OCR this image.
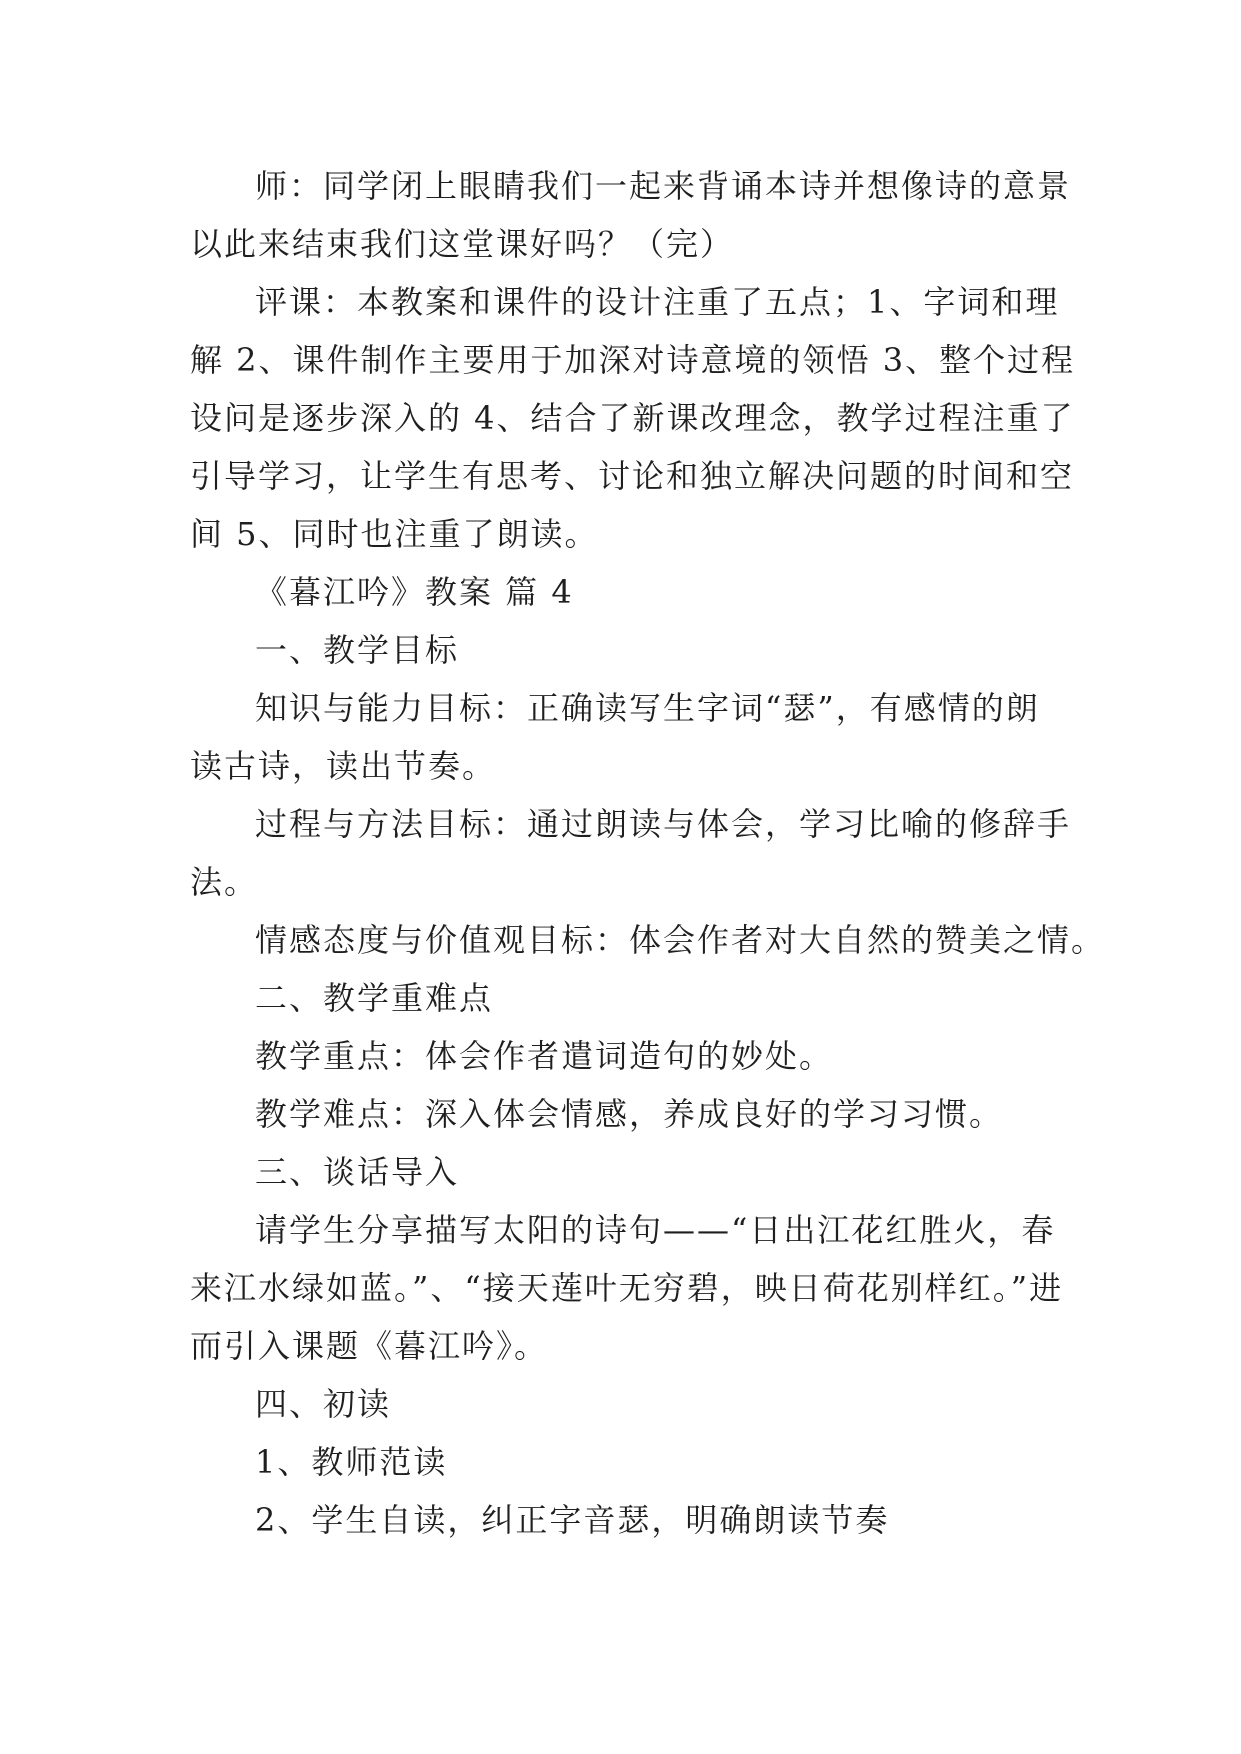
师：同学闭上眼睛我们一起来背诵本诗并想像诗的意景
以此来结束我们这堂课好吗？（完）
评课：本教案和课件的设计注重了五点；1、字词和理
解 2、课件制作主要用于加深对诗意境的领悟 3、整个过程
设问是逐步深入的 4、结合了新课改理念，教学过程注重了
引导学习，让学生有思考、讨论和独立解决问题的时间和空
间 5、同时也注重了朗读。
《暮江吟》教案 篇 4
一、教学目标
知识与能力目标：正确读写生字词“瑟”，有感情的朗
读古诗，读出节奏。
过程与方法目标：通过朗读与体会，学习比喻的修辞手
法。
情感态度与价值观目标：体会作者对大自然的赞美之情。
二、教学重难点
教学重点：体会作者遣词造句的妙处。
教学难点：深入体会情感，养成良好的学习习惯。
三、谈话导入
请学生分享描写太阳的诗句——“日出江花红胜火，春
来江水绿如蓝。”、“接天莲叶无穷碧，映日荷花别样红。”进
而引入课题《暮江吟》。
四、初读
1、教师范读
2、学生自读，纠正字音瑟，明确朗读节奏
